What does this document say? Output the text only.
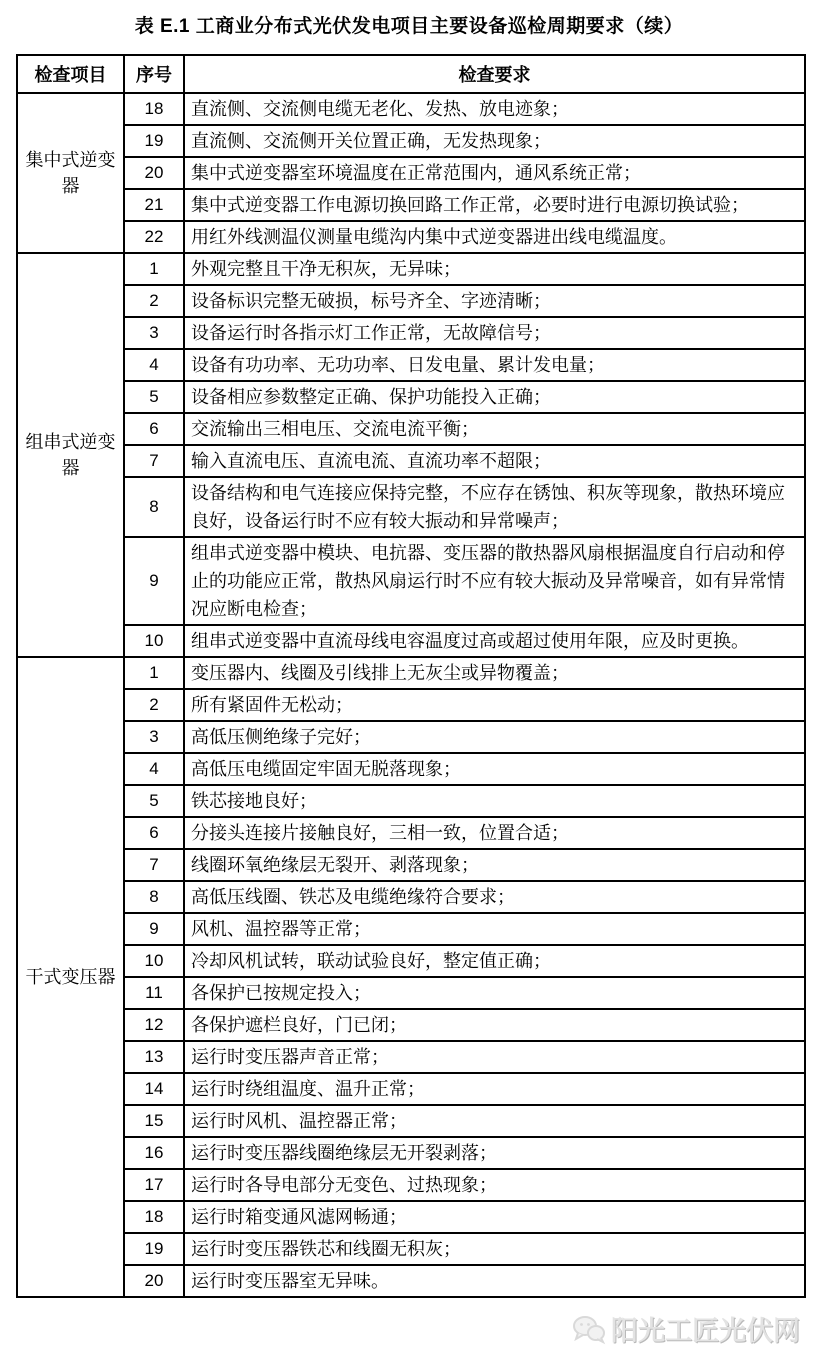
表 E.1 工商业分布式光伏发电项目主要设备巡检周期要求（续）
检查项目	序号	检查要求
集中式逆变器	18	直流侧、交流侧电缆无老化、发热、放电迹象；
	19	直流侧、交流侧开关位置正确，无发热现象；
	20	集中式逆变器室环境温度在正常范围内，通风系统正常；
	21	集中式逆变器工作电源切换回路工作正常，必要时进行电源切换试验；
	22	用红外线测温仪测量电缆沟内集中式逆变器进出线电缆温度。
组串式逆变器	1	外观完整且干净无积灰，无异味；
	2	设备标识完整无破损，标号齐全、字迹清晰；
	3	设备运行时各指示灯工作正常，无故障信号；
	4	设备有功功率、无功功率、日发电量、累计发电量；
	5	设备相应参数整定正确、保护功能投入正确；
	6	交流输出三相电压、交流电流平衡；
	7	输入直流电压、直流电流、直流功率不超限；
	8	设备结构和电气连接应保持完整，不应存在锈蚀、积灰等现象，散热环境应良好，设备运行时不应有较大振动和异常噪声；
	9	组串式逆变器中模块、电抗器、变压器的散热器风扇根据温度自行启动和停止的功能应正常，散热风扇运行时不应有较大振动及异常噪音，如有异常情况应断电检查；
	10	组串式逆变器中直流母线电容温度过高或超过使用年限，应及时更换。
干式变压器	1	变压器内、线圈及引线排上无灰尘或异物覆盖；
	2	所有紧固件无松动；
	3	高低压侧绝缘子完好；
	4	高低压电缆固定牢固无脱落现象；
	5	铁芯接地良好；
	6	分接头连接片接触良好，三相一致，位置合适；
	7	线圈环氧绝缘层无裂开、剥落现象；
	8	高低压线圈、铁芯及电缆绝缘符合要求；
	9	风机、温控器等正常；
	10	冷却风机试转，联动试验良好，整定值正确；
	11	各保护已按规定投入；
	12	各保护遮栏良好，门已闭；
	13	运行时变压器声音正常；
	14	运行时绕组温度、温升正常；
	15	运行时风机、温控器正常；
	16	运行时变压器线圈绝缘层无开裂剥落；
	17	运行时各导电部分无变色、过热现象；
	18	运行时箱变通风滤网畅通；
	19	运行时变压器铁芯和线圈无积灰；
	20	运行时变压器室无异味。
阳光工匠光伏网
